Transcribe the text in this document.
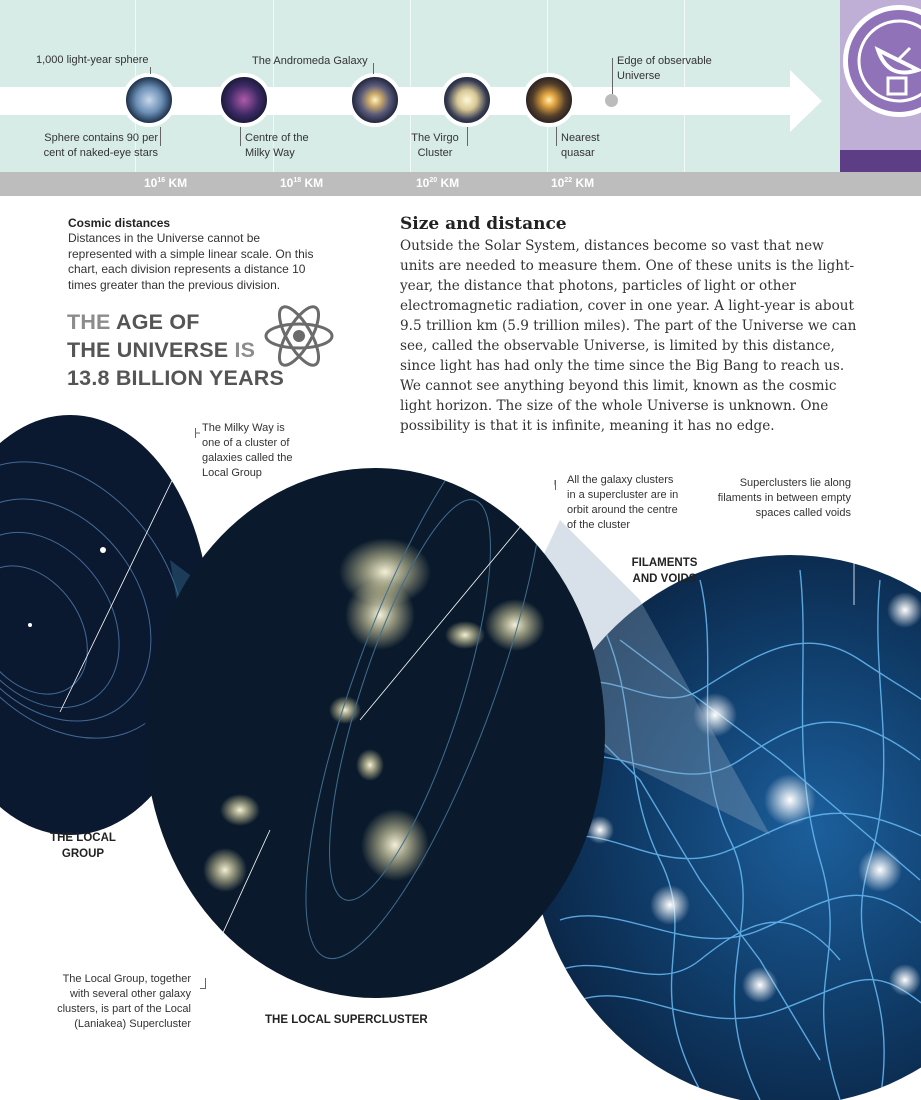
$10^{16}$ KM	$10^{18}$ KM	$10^{20}$ KM	$10^{22}$ KM
1,000 light-year sphere	The Andromeda Galaxy	Edge of observable Universe
Sphere contains 90 per cent of naked-eye stars
Centre of the Milky Way
The Virgo Cluster
Nearest quasar
Cosmic distances
Distances in the Universe cannot be represented with a simple linear scale. On this chart, each division represents a distance 10 times greater than the previous division.
THE AGE OF
THE UNIVERSE IS
13.8 BILLION YEARS
Size and distance
Outside the Solar System, distances become so vast that new units are needed to measure them. One of these units is the light-year, the distance that photons, particles of light or other electromagnetic radiation, cover in one year. A light-year is about 9.5 trillion km (5.9 trillion miles). The part of the Universe we can see, called the observable Universe, is limited by this distance, since light has had only the time since the Big Bang to reach us. We cannot see anything beyond this limit, known as the cosmic light horizon. The size of the whole Universe is unknown. One possibility is that it is infinite, meaning it has no edge.
The Milky Way is one of a cluster of galaxies called the Local Group
All the galaxy clusters in a supercluster are in orbit around the centre of the cluster
Superclusters lie along filaments in between empty spaces called voids
The Local Group, together with several other galaxy clusters, is part of the Local (Laniakea) Supercluster
THE LOCAL GROUP
THE LOCAL SUPERCLUSTER
FILAMENTS AND VOIDS
